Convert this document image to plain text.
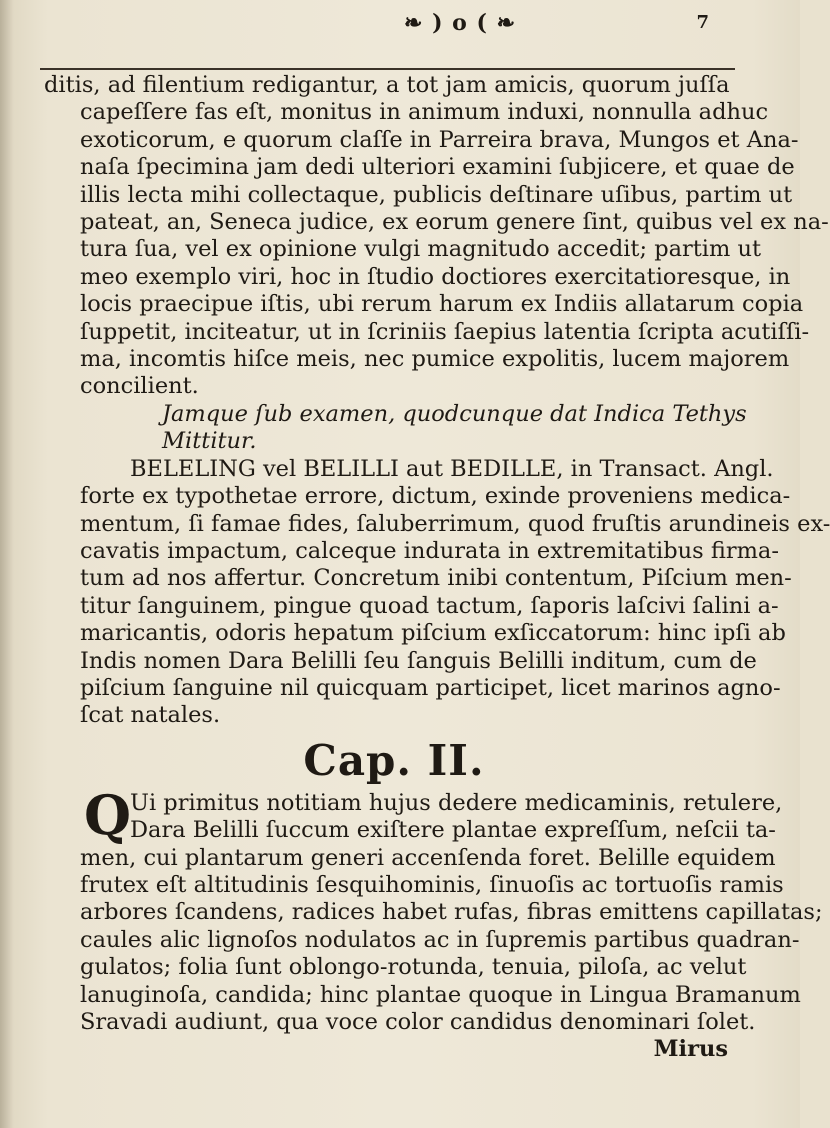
❧ ) o ( ❧	7
ditis, ad filentium redigantur, a tot jam amicis, quorum juſſa
capeſſere fas eſt, monitus in animum induxi, nonnulla adhuc
exoticorum, e quorum claſſe in Parreira brava, Mungos et Ana-
naſa ſpecimina jam dedi ulteriori examini ſubjicere, et quae de
illis lecta mihi collectaque, publicis deſtinare uſibus, partim ut
pateat, an, Seneca judice, ex eorum genere ſint, quibus vel ex na-
tura ſua, vel ex opinione vulgi magnitudo accedit; partim ut
meo exemplo viri, hoc in ſtudio doctiores exercitatioresque, in
locis praecipue iſtis, ubi rerum harum ex Indiis allatarum copia
ſuppetit, inciteatur, ut in ſcriniis ſaepius latentia ſcripta acutiſſi-
ma, incomtis hiſce meis, nec pumice expolitis, lucem majorem
concilient.
Jamque ſub examen, quodcunque dat Indica Tethys
Mittitur.
BELELING vel BELILLI aut BEDILLE, in Transact. Angl.
forte ex typothetae errore, dictum, exinde proveniens medica-
mentum, ſi famae fides, ſaluberrimum, quod fruſtis arundineis ex-
cavatis impactum, calceque indurata in extremitatibus firma-
tum ad nos affertur. Concretum inibi contentum, Piſcium men-
titur ſanguinem, pingue quoad tactum, ſaporis laſcivi ſalini a-
maricantis, odoris hepatum piſcium exſiccatorum: hinc ipſi ab
Indis nomen Dara Belilli ſeu ſanguis Belilli inditum, cum de
piſcium ſanguine nil quicquam participet, licet marinos agno-
ſcat natales.
Cap. II.
Q
Ui primitus notitiam hujus dedere medicaminis, retulere,
Dara Belilli ſuccum exiſtere plantae expreſſum, neſcii ta-
men, cui plantarum generi accenſenda foret. Belille equidem
frutex eſt altitudinis ſesquihominis, ſinuoſis ac tortuoſis ramis
arbores ſcandens, radices habet rufas, fibras emittens capillatas;
caules alic lignoſos nodulatos ac in ſupremis partibus quadran-
gulatos; folia ſunt oblongo-rotunda, tenuia, piloſa, ac velut
lanuginoſa, candida; hinc plantae quoque in Lingua Bramanum
Sravadi audiunt, qua voce color candidus denominari ſolet.
Mirus
